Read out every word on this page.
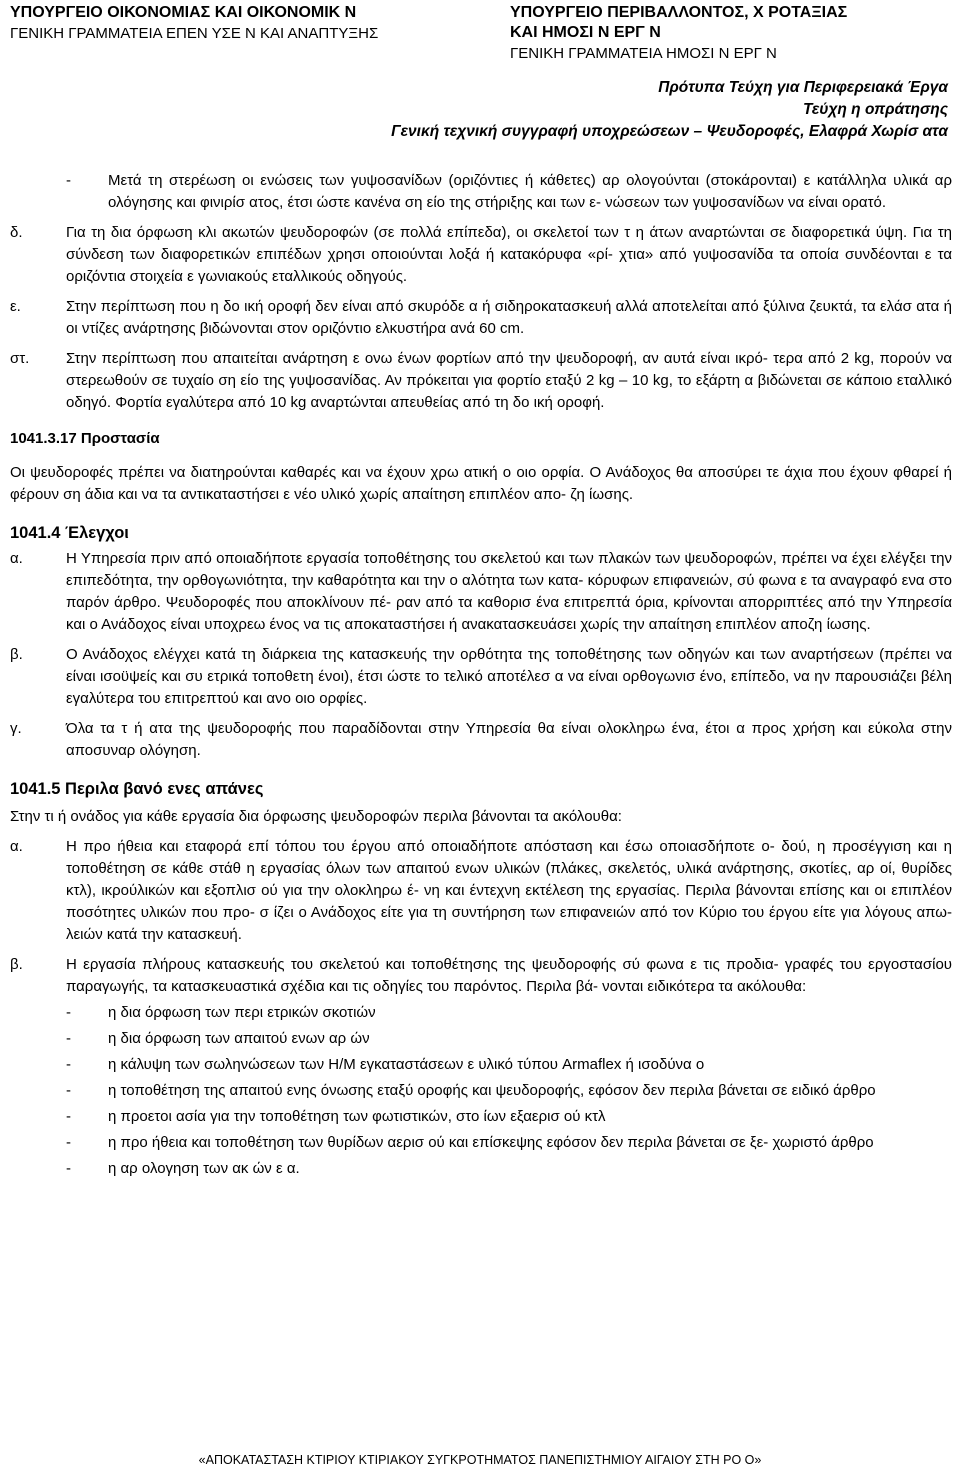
ΥΠΟΥΡΓΕΙΟ ΟΙΚΟΝΟΜΙΑΣ ΚΑΙ ΟΙΚΟΝΟΜΙΚ Ν
ΓΕΝΙΚΗ ΓΡΑΜΜΑΤΕΙΑ ΕΠΕΝ ΥΣΕ Ν ΚΑΙ ΑΝΑΠΤΥΞΗΣ
ΥΠΟΥΡΓΕΙΟ ΠΕΡΙΒΑΛΛΟΝΤΟΣ, Χ ΡΟΤΑΞΙΑΣ
ΚΑΙ ΗΜΟΣΙ Ν ΕΡΓ Ν
ΓΕΝΙΚΗ ΓΡΑΜΜΑΤΕΙΑ ΗΜΟΣΙ Ν ΕΡΓ Ν
Πρότυπα Τεύχη για Περιφερειακά Έργα
Τεύχη η οπράτησης
Γενική τεχνική συγγραφή υποχρεώσεων – Ψευδοροφές, Ελαφρά Χωρίσ ατα
- Μετά τη στερέωση οι ενώσεις των γυψοσανίδων (οριζόντιες ή κάθετες) αρ ολογούνται (στοκάρονται) ε κατάλληλα υλικά αρ ολόγησης και φινιρίσ ατος, έτσι ώστε κανένα ση είο της στήριξης και των ε- νώσεων των γυψοσανίδων να είναι ορατό.
δ.	Για τη δια όρφωση κλι ακωτών ψευδοροφών (σε πολλά επίπεδα), οι σκελετοί των τ η άτων αναρτώνται σε διαφορετικά ύψη. Για τη σύνδεση των διαφορετικών επιπέδων χρησι οποιούνται λοξά ή κατακόρυφα «ρί- χτια» από γυψοσανίδα τα οποία συνδέονται ε τα οριζόντια στοιχεία ε γωνιακούς εταλλικούς οδηγούς.
ε.	Στην περίπτωση που η δο ική οροφή δεν είναι από σκυρόδε α ή σιδηροκατασκευή αλλά αποτελείται από ξύλινα ζευκτά, τα ελάσ ατα ή οι ντίζες ανάρτησης βιδώνονται στον οριζόντιο ελκυστήρα ανά 60 cm.
στ. Στην περίπτωση που απαιτείται ανάρτηση ε ονω ένων φορτίων από την ψευδοροφή, αν αυτά είναι ικρό- τερα από 2 kg, πορούν να στερεωθούν σε τυχαίο ση είο της γυψοσανίδας. Αν πρόκειται για φορτίο εταξύ 2 kg – 10 kg, το εξάρτη α βιδώνεται σε κάποιο εταλλικό οδηγό. Φορτία εγαλύτερα από 10 kg αναρτώνται απευθείας από τη δο ική οροφή.
1041.3.17 Προστασία
Οι ψευδοροφές πρέπει να διατηρούνται καθαρές και να έχουν χρω ατική ο οιο ορφία. Ο Ανάδοχος θα αποσύρει τε άχια που έχουν φθαρεί ή φέρουν ση άδια και να τα αντικαταστήσει ε νέο υλικό χωρίς απαίτηση επιπλέον απο- ζη ίωσης.
1041.4 Έλεγχοι
α.	Η Υπηρεσία πριν από οποιαδήποτε εργασία τοποθέτησης του σκελετού και των πλακών των ψευδοροφών, πρέπει να έχει ελέγξει την επιπεδότητα, την ορθογωνιότητα, την καθαρότητα και την ο αλότητα των κατα- κόρυφων επιφανειών, σύ φωνα ε τα αναγραφό ενα στο παρόν άρθρο. Ψευδοροφές που αποκλίνουν πέ- ραν από τα καθορισ ένα επιτρεπτά όρια, κρίνονται απορριπτέες από την Υπηρεσία και ο Ανάδοχος είναι υποχρεω ένος να τις αποκαταστήσει ή ανακατασκευάσει χωρίς την απαίτηση επιπλέον αποζη ίωσης.
β.	Ο Ανάδοχος ελέγχει κατά τη διάρκεια της κατασκευής την ορθότητα της τοποθέτησης των οδηγών και των αναρτήσεων (πρέπει να είναι ισοϋψείς και συ ετρικά τοποθετη ένοι), έτσι ώστε το τελικό αποτέλεσ α να είναι ορθογωνισ ένο, επίπεδο, να ην παρουσιάζει βέλη εγαλύτερα του επιτρεπτού και ανο οιο ορφίες.
γ.	Όλα τα τ ή ατα της ψευδοροφής που παραδίδονται στην Υπηρεσία θα είναι ολοκληρω ένα, έτοι α προς χρήση και εύκολα στην αποσυναρ ολόγηση.
1041.5 Περιλα βανό ενες απάνες
Στην τι ή ονάδος για κάθε εργασία δια όρφωσης ψευδοροφών περιλα βάνονται τα ακόλουθα:
α.	Η προ ήθεια και εταφορά επί τόπου του έργου από οποιαδήποτε απόσταση και έσω οποιασδήποτε ο- δού, η προσέγγιση και η τοποθέτηση σε κάθε στάθ η εργασίας όλων των απαιτού ενων υλικών (πλάκες, σκελετός, υλικά ανάρτησης, σκοτίες, αρ οί, θυρίδες κτλ), ικρούλικών και εξοπλισ ού για την ολοκληρω έ- νη και έντεχνη εκτέλεση της εργασίας. Περιλα βάνονται επίσης και οι επιπλέον ποσότητες υλικών που προ- σ ίζει ο Ανάδοχος είτε για τη συντήρηση των επιφανειών από τον Κύριο του έργου είτε για λόγους απω- λειών κατά την κατασκευή.
β.	Η εργασία πλήρους κατασκευής του σκελετού και τοποθέτησης της ψευδοροφής σύ φωνα ε τις προδια- γραφές του εργοστασίου παραγωγής, τα κατασκευαστικά σχέδια και τις οδηγίες του παρόντος. Περιλα βά- νονται ειδικότερα τα ακόλουθα:
- η δια όρφωση των περι ετρικών σκοτιών
- η δια όρφωση των απαιτού ενων αρ ών
- η κάλυψη των σωληνώσεων των Η/Μ εγκαταστάσεων ε υλικό τύπου Armaflex ή ισοδύνα ο
- η τοποθέτηση της απαιτού ενης όνωσης εταξύ οροφής και ψευδοροφής, εφόσον δεν περιλα βάνεται σε ειδικό άρθρο
- η προετοι ασία για την τοποθέτηση των φωτιστικών, στο ίων εξαερισ ού κτλ
- η προ ήθεια και τοποθέτηση των θυρίδων αερισ ού και επίσκεψης εφόσον δεν περιλα βάνεται σε ξε- χωριστό άρθρο
- η αρ ολογηση των ακ ών ε α.
«ΑΠΟΚΑΤΑΣΤΑΣΗ ΚΤΙΡΙΟΥ ΚΤΙΡΙΑΚΟΥ ΣΥΓΚΡΟΤΗΜΑΤΟΣ ΠΑΝΕΠΙΣΤΗΜΙΟΥ ΑΙΓΑΙΟΥ ΣΤΗ ΡΟ Ο»
